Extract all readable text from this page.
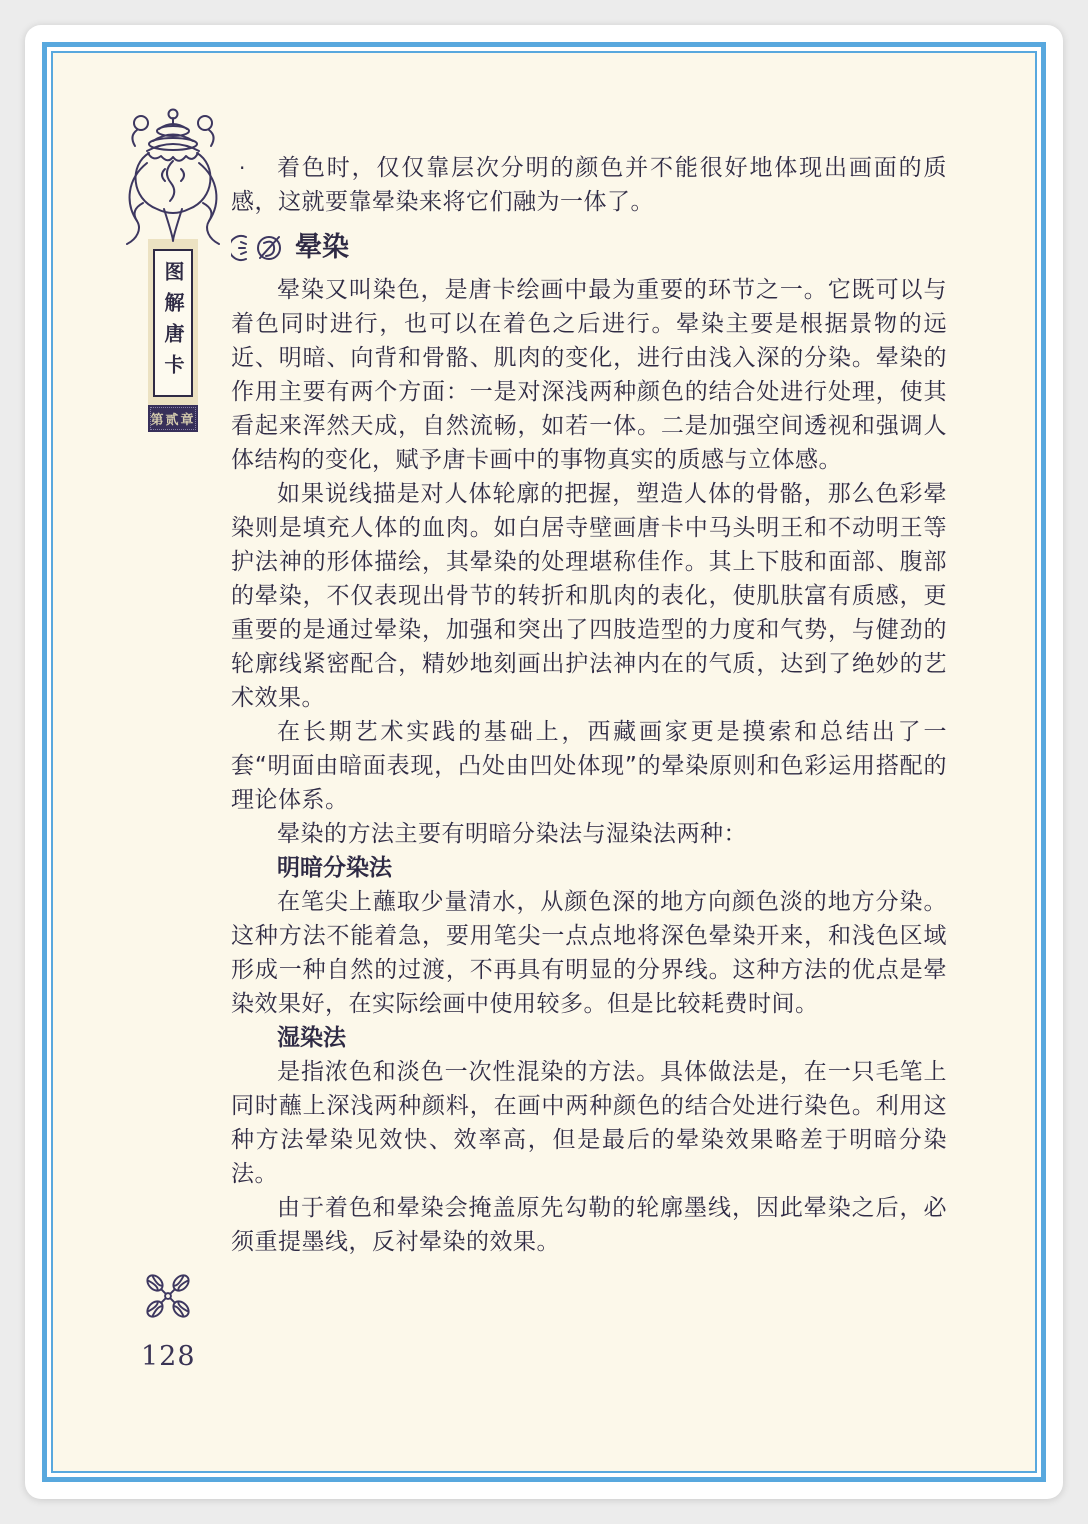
图解唐卡
第贰章
·	着色时，仅仅靠层次分明的颜色并不能很好地体现出画面的质感，这就要靠晕染来将它们融为一体了。

晕染

晕染又叫染色，是唐卡绘画中最为重要的环节之一。它既可以与着色同时进行，也可以在着色之后进行。晕染主要是根据景物的远近、明暗、向背和骨骼、肌肉的变化，进行由浅入深的分染。晕染的作用主要有两个方面：一是对深浅两种颜色的结合处进行处理，使其看起来浑然天成，自然流畅，如若一体。二是加强空间透视和强调人体结构的变化，赋予唐卡画中的事物真实的质感与立体感。

如果说线描是对人体轮廓的把握，塑造人体的骨骼，那么色彩晕染则是填充人体的血肉。如白居寺壁画唐卡中马头明王和不动明王等护法神的形体描绘，其晕染的处理堪称佳作。其上下肢和面部、腹部的晕染，不仅表现出骨节的转折和肌肉的表化，使肌肤富有质感，更重要的是通过晕染，加强和突出了四肢造型的力度和气势，与健劲的轮廓线紧密配合，精妙地刻画出护法神内在的气质，达到了绝妙的艺术效果。

在长期艺术实践的基础上，西藏画家更是摸索和总结出了一套“明面由暗面表现，凸处由凹处体现”的晕染原则和色彩运用搭配的理论体系。

晕染的方法主要有明暗分染法与湿染法两种：

明暗分染法

在笔尖上蘸取少量清水，从颜色深的地方向颜色淡的地方分染。这种方法不能着急，要用笔尖一点点地将深色晕染开来，和浅色区域形成一种自然的过渡，不再具有明显的分界线。这种方法的优点是晕染效果好，在实际绘画中使用较多。但是比较耗费时间。

湿染法

是指浓色和淡色一次性混染的方法。具体做法是，在一只毛笔上同时蘸上深浅两种颜料，在画中两种颜色的结合处进行染色。利用这种方法晕染见效快、效率高，但是最后的晕染效果略差于明暗分染法。

由于着色和晕染会掩盖原先勾勒的轮廓墨线，因此晕染之后，必须重提墨线，反衬晕染的效果。

128
